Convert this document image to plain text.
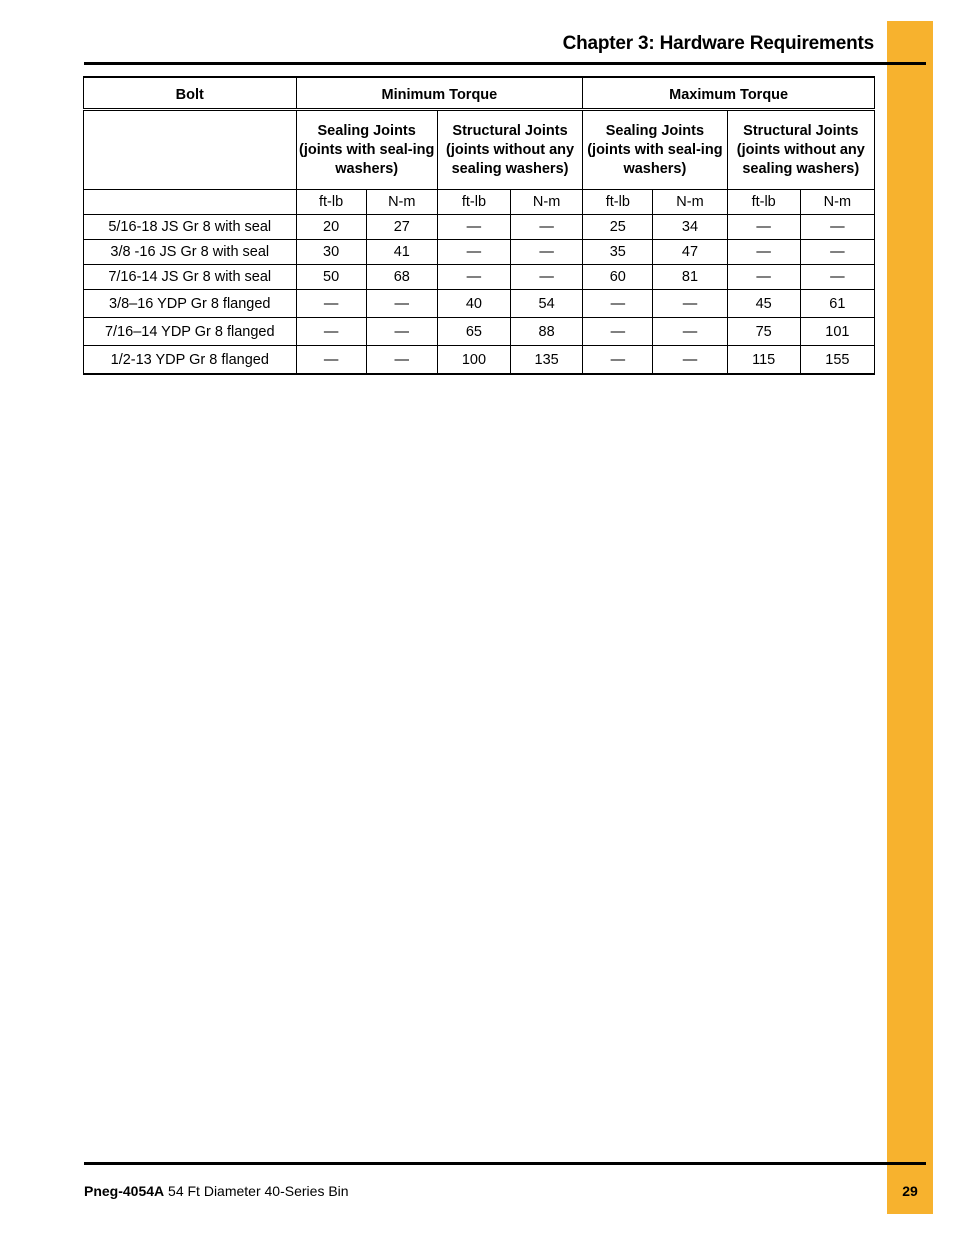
Chapter 3: Hardware Requirements
Bolt	Minimum Torque				Maximum Torque			
	Sealing Joints (joints with seal-ing washers)		Structural Joints (joints without any sealing washers)		Sealing Joints (joints with seal-ing washers)		Structural Joints (joints without any sealing washers)	
	ft-lb	N-m	ft-lb	N-m	ft-lb	N-m	ft-lb	N-m
5/16-18 JS Gr 8 with seal	20	27	—	—	25	34	—	—
3/8 -16 JS Gr 8 with seal	30	41	—	—	35	47	—	—
7/16-14 JS Gr 8 with seal	50	68	—	—	60	81	—	—
3/8–16 YDP Gr 8 flanged	—	—	40	54	—	—	45	61
7/16–14 YDP Gr 8 flanged	—	—	65	88	—	—	75	101
1/2-13 YDP Gr 8 flanged	—	—	100	135	—	—	115	155
Pneg-4054A 54 Ft Diameter 40-Series Bin	29
